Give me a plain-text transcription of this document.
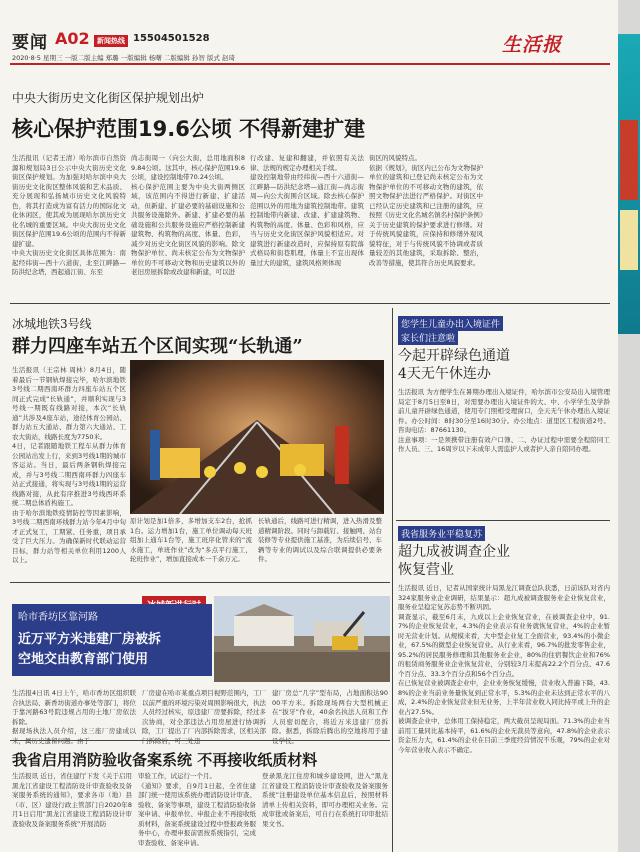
要闻 A02	新闻热线 15504501528
2020·8·5 星期三 一版二版主编 郑璐 一版编辑 杨曙 二版编辑 孙智 版式 赵琦
生活报
中央大街历史文化街区保护规划出炉
核心保护范围19.6公顷 不得新建扩建
生活报讯（记者王清）哈尔滨市自然资源和规划局3日公示中央大街历史文化街区保护规划。为加强对哈尔滨中央大街历史文化街区整体风貌和艺术品质、充分展现和弘扬城市历史文化风貌特色，将其打造成为富有活力的国际化文化休闲区，使其成为展现哈尔滨历史文化名城的重要区域。中央大街历史文化街区保护范围19.6公顷的范围内不得新建扩建。
中央大街历史文化街区具体范围为：南起经纬街—西十六道街，北至江畔路—防洪纪念塔，西起通江街、东至
尚志街周一（向公大街，总用地面积89.84公顷。这其中，核心保护范围19.6公顷，建设控制地带70.24公顷。
核心保护范围主要为中央大街两侧区域，该范围内不得进行新建、扩建活动，但新建、扩建必要的基础设施和公共服务设施除外。新建、扩建必要的基础设施和公共服务设施应严格控制新建建筑物、构筑物的高度、体量、色彩，减少对历史文化街区风貌的影响。除文物保护单位、尚未核定公布为文物保护单位的不可移动文物和历史建筑以外的老旧房屋拆除或改建和新建，可以进
行改建、复建和翻建，并依照有关法律、法规的规定办理相关手续。
建设控制地带由经纬街—西十六道街—江畔路—防洪纪念塔—通江街—尚志街周—向公大街围合区域。除去核心保护范围以外的用地为建筑控制地带。建筑控制地带内新建、改建、扩建建筑物、构筑物的高度、体量、色彩和风格，应当与历史文化街区保护风貌相适应。对建筑进行新建改造时，应保持原有院落式格局和街巷肌理，体量上不宜出现体量过大的建筑，建筑风格须体现
街区的风貌特点。
依据《规划》，街区内已公布为文物保护单位的建筑和已登记尚未核定公布为文物保护单位的不可移动文物的建筑，依照文物保护法进行严格保护。对街区中已经认定历史建筑和已注册的建筑，应按照《历史文化名城名镇名村保护条例》关于历史建筑的保护要求进行修缮。对于传统风貌建筑，应保持和修缮外观风貌特征，对于与传统风貌不协调或者质量较差的其他建筑，采取拆除、整治，改善等措施，使其符合历史风貌要求。
冰城地铁3号线
群力四座车站五个区间实现“长轨通”
生活报讯（王宗林 周林）8月4日，随着最后一节钢轨焊接完毕，哈尔滨地铁3号线二期西南环群力四座车站五个区间正式完成“长轨通”，并顺利实现与3号线一期既有线路对接，本次“长轨通”共涉及4座车站，途径体育公园站、群力站五大通站、群力第六大通站、工农大街站，线路长度为7750米。
4日，记者跟随地铁工程车从群力体育公园站出发上行，来到3号线1期的城市客运站。当日，最后两条钢轨焊接完成，并与3号线二期西南环群力四座车站正式接通，将实现与3号线1期的运营线路对接，从此有序推进3号线西环系统二期总体盾构施工。
由于哈尔滨地铁疫情防控等因素影响，3号线二期西南环线群力站今年4月中旬才正式复工，工期紧、任务重，项目承受了巨大压力。为确保新时代联动运营目标，群力站等相关单位利用1200人以上。
原计划是加1倍多，多增加支车2台，抢抓1台。运力增加1台，施工单位调动每天班组加上通车1台等，施工班序化管来的“流水施工，单班作业”改为“多点平行施工，轮班作业”，增加直接成本一千余万元。
长轨通后，线路可进行精调，进入热滑及整道精调阶段。同时与卸载钉、接触网、站台装修等专业提供施工基准，为后续信号、车辆等专业的调试以及综合联调提供必要条件。
哈市香坊区靠河路
近万平方米违建厂房被拆
空地交由教育部门使用
生活报4日讯 4日上午，哈市香坊区组织联合执法局、新香坊街道办事处等部门，将位于靠河路63号院违规占用的土地厂房依法拆除。
据现场执法人员介绍，这三座厂房建成以
厂房建在哈市某重点项目视野范围内，工厂以前严重的环境污染对周围影响很大，执法人员经过核实，原违建厂房要拆除，经过多次协商，对全部违法占用房屋进行协调拆除，工厂提出了厂内部拆除需求，区相关部
建厂房总“几字”型布局，占地面积达9000平方米。拆除现场两台大型机械正在“拔牙”作业，40余名执法人员和工作人员密切配合，将近万米违建厂房拆除。据悉，拆除后腾出的空地将用于建
我省启用消防验收备案系统 不再接收纸质材料
生活报讯 近日，省住建厅下发《关于启用黑龙江省建设工程消防设计审查验收及备案服务系统的通知》，要求各市（地）县（市、区）建设行政主管部门自2020年8月1日启用“黑龙江省建设工程消防设计审查验收及备案服务系统”开展消防
审验工作，试运行一个月。
《通知》要求，自9月1日起，全省住建部门统一使用该系统办理消防设计审查、验收、备案等事项，建设工程消防验收备案申请、申报单位、申报企业不再接收纸质材料，备案系统建设过程中登报政务服务中心，办理申报前需按系统指引，完成审查验收、备案申请。
登录黑龙江住房和城乡建设网，进入“黑龙江省建设工程消防设计审查验收及备案服务系统”注册建设单位基本信息后，按照材料清单上传相关资料，即可办理相关业务。完成审批或备案后，可自行在系统打印审批结果文书。
您学生儿童办出入境证件
家长们注意啦
今起开辟绿色通道
4天无午休连办
生活报讯 为方便学生在暑期办理出入境证件，哈尔滨市公安局出入境管理局定于8月5日至8日，对需要办理出入境证件的大、中、小学学生及学龄前儿童开辟绿色通道，使用专门照相受理窗口，全天无午休办理出入境证件。办公时间：8时30分至16时30分。办公地点：道里区工程街道2号。咨询电话：87661130。
注意事项：一是须携带注册有效户口簿、二、办证过程中需要全程陪同工作人员、三、16周岁以下未成年人需监护人或者护人亲自陪同办理。
我省服务业平稳复苏
超九成被调查企业
恢复营业
生活报讯 近日，记者从国家统计局黑龙江调查总队获悉，日前该队对省内324家服务业企业调研，结果显示：超九成被调查服务业企业恢复营业，服务业呈稳定复苏态势不断巩固。
调查显示，截至6月末，九成以上企业恢复营业，在被调查企业中，91.7%的企业恢复营业，4.3%的企业表示有业务就恢复营业，4%的企业暂时无营业计划。从规模来看，大中型企业复工全面营业，93.4%的小微企业，67.5%的微型企业恢复营业。从行业来看，96.7%的批发零售企业，95.2%的居民服务修理和其他服务业企业，80%的住宿餐饮企业和76%的租赁商务服务业企业恢复营业，分别较3月末提高22.2个百分点、47.6个百分点、33.3个百分点和56个百分点。
在已恢复营业被调查企业中，企业业务恢复缓慢，营业收入普遍下降，43.8%的企业当前业务量恢复到正常水平，5.3%的企业未达到正常水平的八成，2.4%的企业恢复营业但无业务，上半年营业收入同比持平或上升的企业占27.5%。
被调查企业中，总体用工保持稳定，两大截员呈现局面。71.3%的企业当前用工量同比基本持平，61.6%的企业无裁员等意向，47.8%的企业表示资金压力大，61.4%的企业在目前三季度经营情况不乐观，79%的企业对今年营业收入表示不确定。
